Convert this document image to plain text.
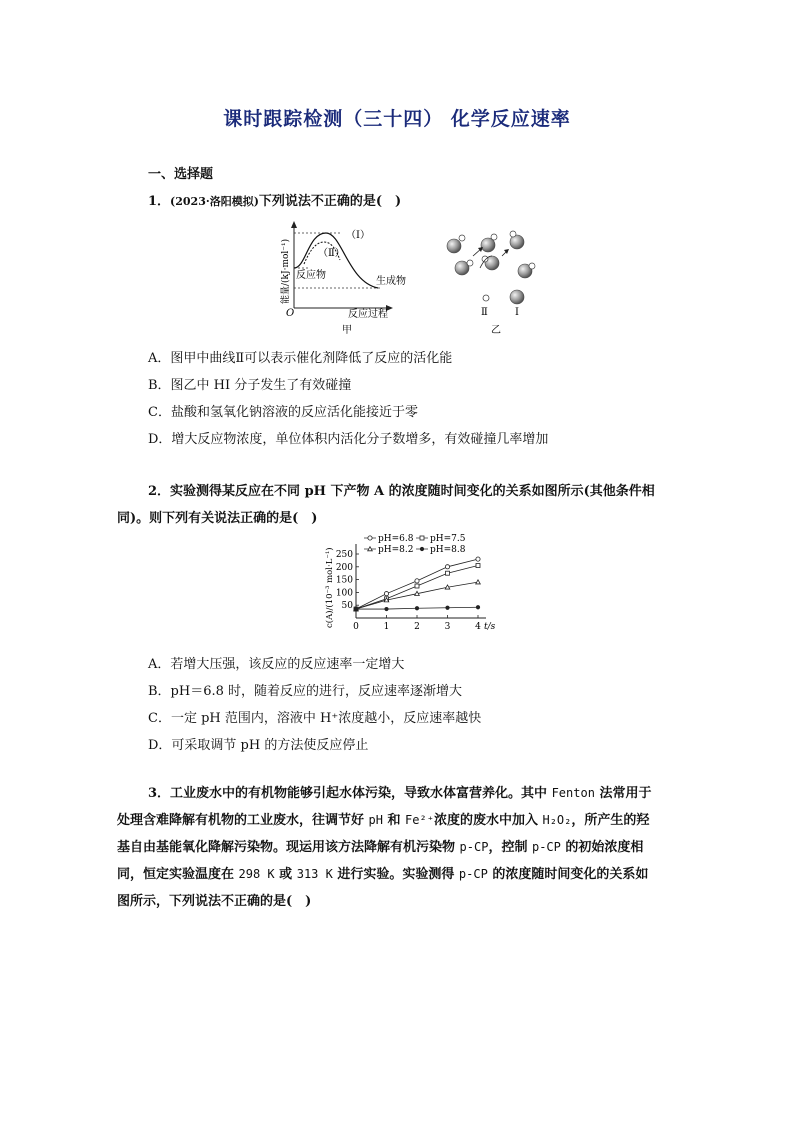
课时跟踪检测（三十四） 化学反应速率
一、选择题
1．(2023·洛阳模拟)下列说法不正确的是(　)
（Ⅰ）
（Ⅱ）
反应物
生成物
O	反应过程
能量/(kJ·mol⁻¹)
甲
Ⅱ	Ⅰ
乙
A．图甲中曲线Ⅱ可以表示催化剂降低了反应的活化能
B．图乙中 HI 分子发生了有效碰撞
C．盐酸和氢氧化钠溶液的反应活化能接近于零
D．增大反应物浓度，单位体积内活化分子数增多，有效碰撞几率增加
2．实验测得某反应在不同 pH 下产物 A 的浓度随时间变化的关系如图所示(其他条件相
同)。则下列有关说法正确的是(　)
50
100
150
200
250
0	1	2	3	4 t/s
c(A)/(10⁻³ mol·L⁻¹)
pH=6.8 pH=7.5
pH=8.2 pH=8.8
A．若增大压强，该反应的反应速率一定增大
B．pH＝6.8 时，随着反应的进行，反应速率逐渐增大
C．一定 pH 范围内，溶液中 H⁺浓度越小，反应速率越快
D．可采取调节 pH 的方法使反应停止
3．工业废水中的有机物能够引起水体污染，导致水体富营养化。其中 Fenton 法常用于
处理含难降解有机物的工业废水，往调节好 pH 和 Fe²⁺浓度的废水中加入 H₂O₂，所产生的羟
基自由基能氧化降解污染物。现运用该方法降解有机污染物 p-CP，控制 p-CP 的初始浓度相
同，恒定实验温度在 298 K 或 313 K 进行实验。实验测得 p-CP 的浓度随时间变化的关系如
图所示，下列说法不正确的是(　)
